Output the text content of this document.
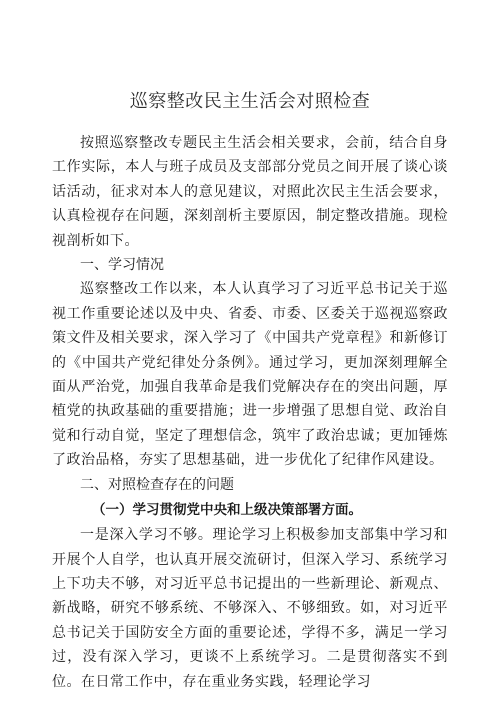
巡察整改民主生活会对照检查

按照巡察整改专题民主生活会相关要求，会前，结合自身工作实际，本人与班子成员及支部部分党员之间开展了谈心谈话活动，征求对本人的意见建议，对照此次民主生活会要求，认真检视存在问题，深刻剖析主要原因，制定整改措施。现检视剖析如下。

一、学习情况

巡察整改工作以来，本人认真学习了习近平总书记关于巡视工作重要论述以及中央、省委、市委、区委关于巡视巡察政策文件及相关要求，深入学习了《中国共产党章程》和新修订的《中国共产党纪律处分条例》。通过学习，更加深刻理解全面从严治党，加强自我革命是我们党解决存在的突出问题，厚植党的执政基础的重要措施；进一步增强了思想自觉、政治自觉和行动自觉，坚定了理想信念，筑牢了政治忠诚；更加锤炼了政治品格，夯实了思想基础，进一步优化了纪律作风建设。

二、对照检查存在的问题
（一）学习贯彻党中央和上级决策部署方面。

一是深入学习不够。理论学习上积极参加支部集中学习和开展个人自学，也认真开展交流研讨，但深入学习、系统学习上下功夫不够，对习近平总书记提出的一些新理论、新观点、新战略，研究不够系统、不够深入、不够细致。如，对习近平总书记关于国防安全方面的重要论述，学得不多，满足一学习过，没有深入学习，更谈不上系统学习。二是贯彻落实不到位。在日常工作中，存在重业务实践，轻理论学习
